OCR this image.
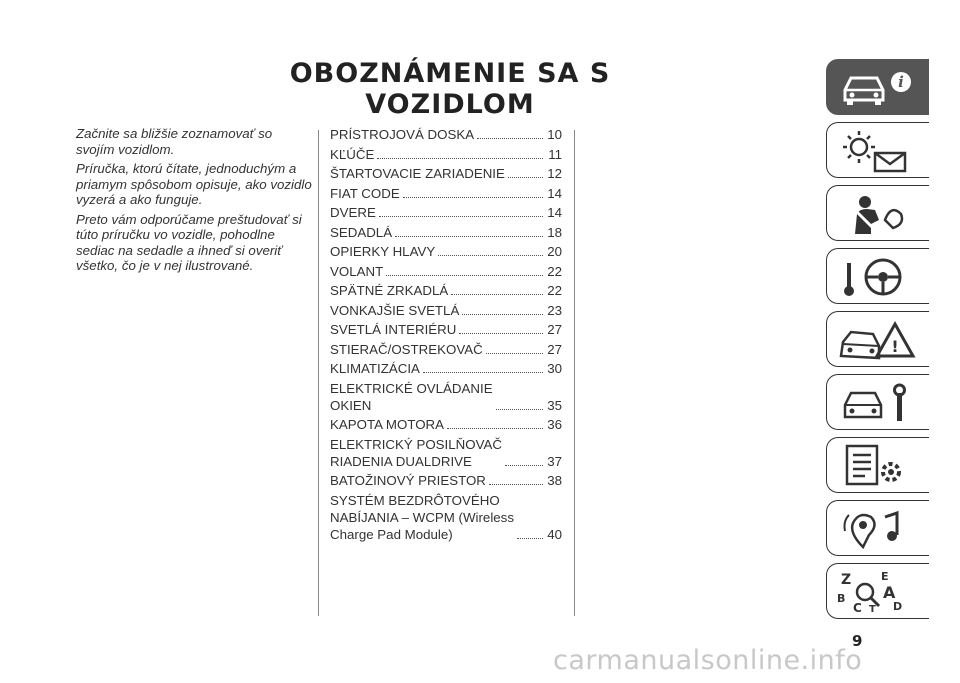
OBOZNÁMENIE SA S VOZIDLOM

Začnite sa bližšie zoznamovať so svojím vozidlom.

Príručka, ktorú čítate, jednoduchým a priamym spôsobom opisuje, ako vozidlo vyzerá a ako funguje.

Preto vám odporúčame preštudovať si túto príručku vo vozidle, pohodlne sediac na sedadle a ihneď si overiť všetko, čo je v nej ilustrované.

PRÍSTROJOVÁ DOSKA	10
KĽÚČE	11
ŠTARTOVACIE ZARIADENIE	12
FIAT CODE	14
DVERE	14
SEDADLÁ	18
OPIERKY HLAVY	20
VOLANT	22
SPÄTNÉ ZRKADLÁ	22
VONKAJŠIE SVETLÁ	23
SVETLÁ INTERIÉRU	27
STIERAČ/OSTREKOVAČ	27
KLIMATIZÁCIA	30
ELEKTRICKÉ OVLÁDANIE
OKIEN	35
KAPOTA MOTORA	36
ELEKTRICKÝ POSILŇOVAČ
RIADENIA DUALDRIVE	37
BATOŽINOVÝ PRIESTOR	38
SYSTÉM BEZDRÔTOVÉHO
NABÍJANIA – WCPM (Wireless
Charge Pad Module)	40
i
!
Z	E
A
B
C T D
9
carmanualsonline.info
